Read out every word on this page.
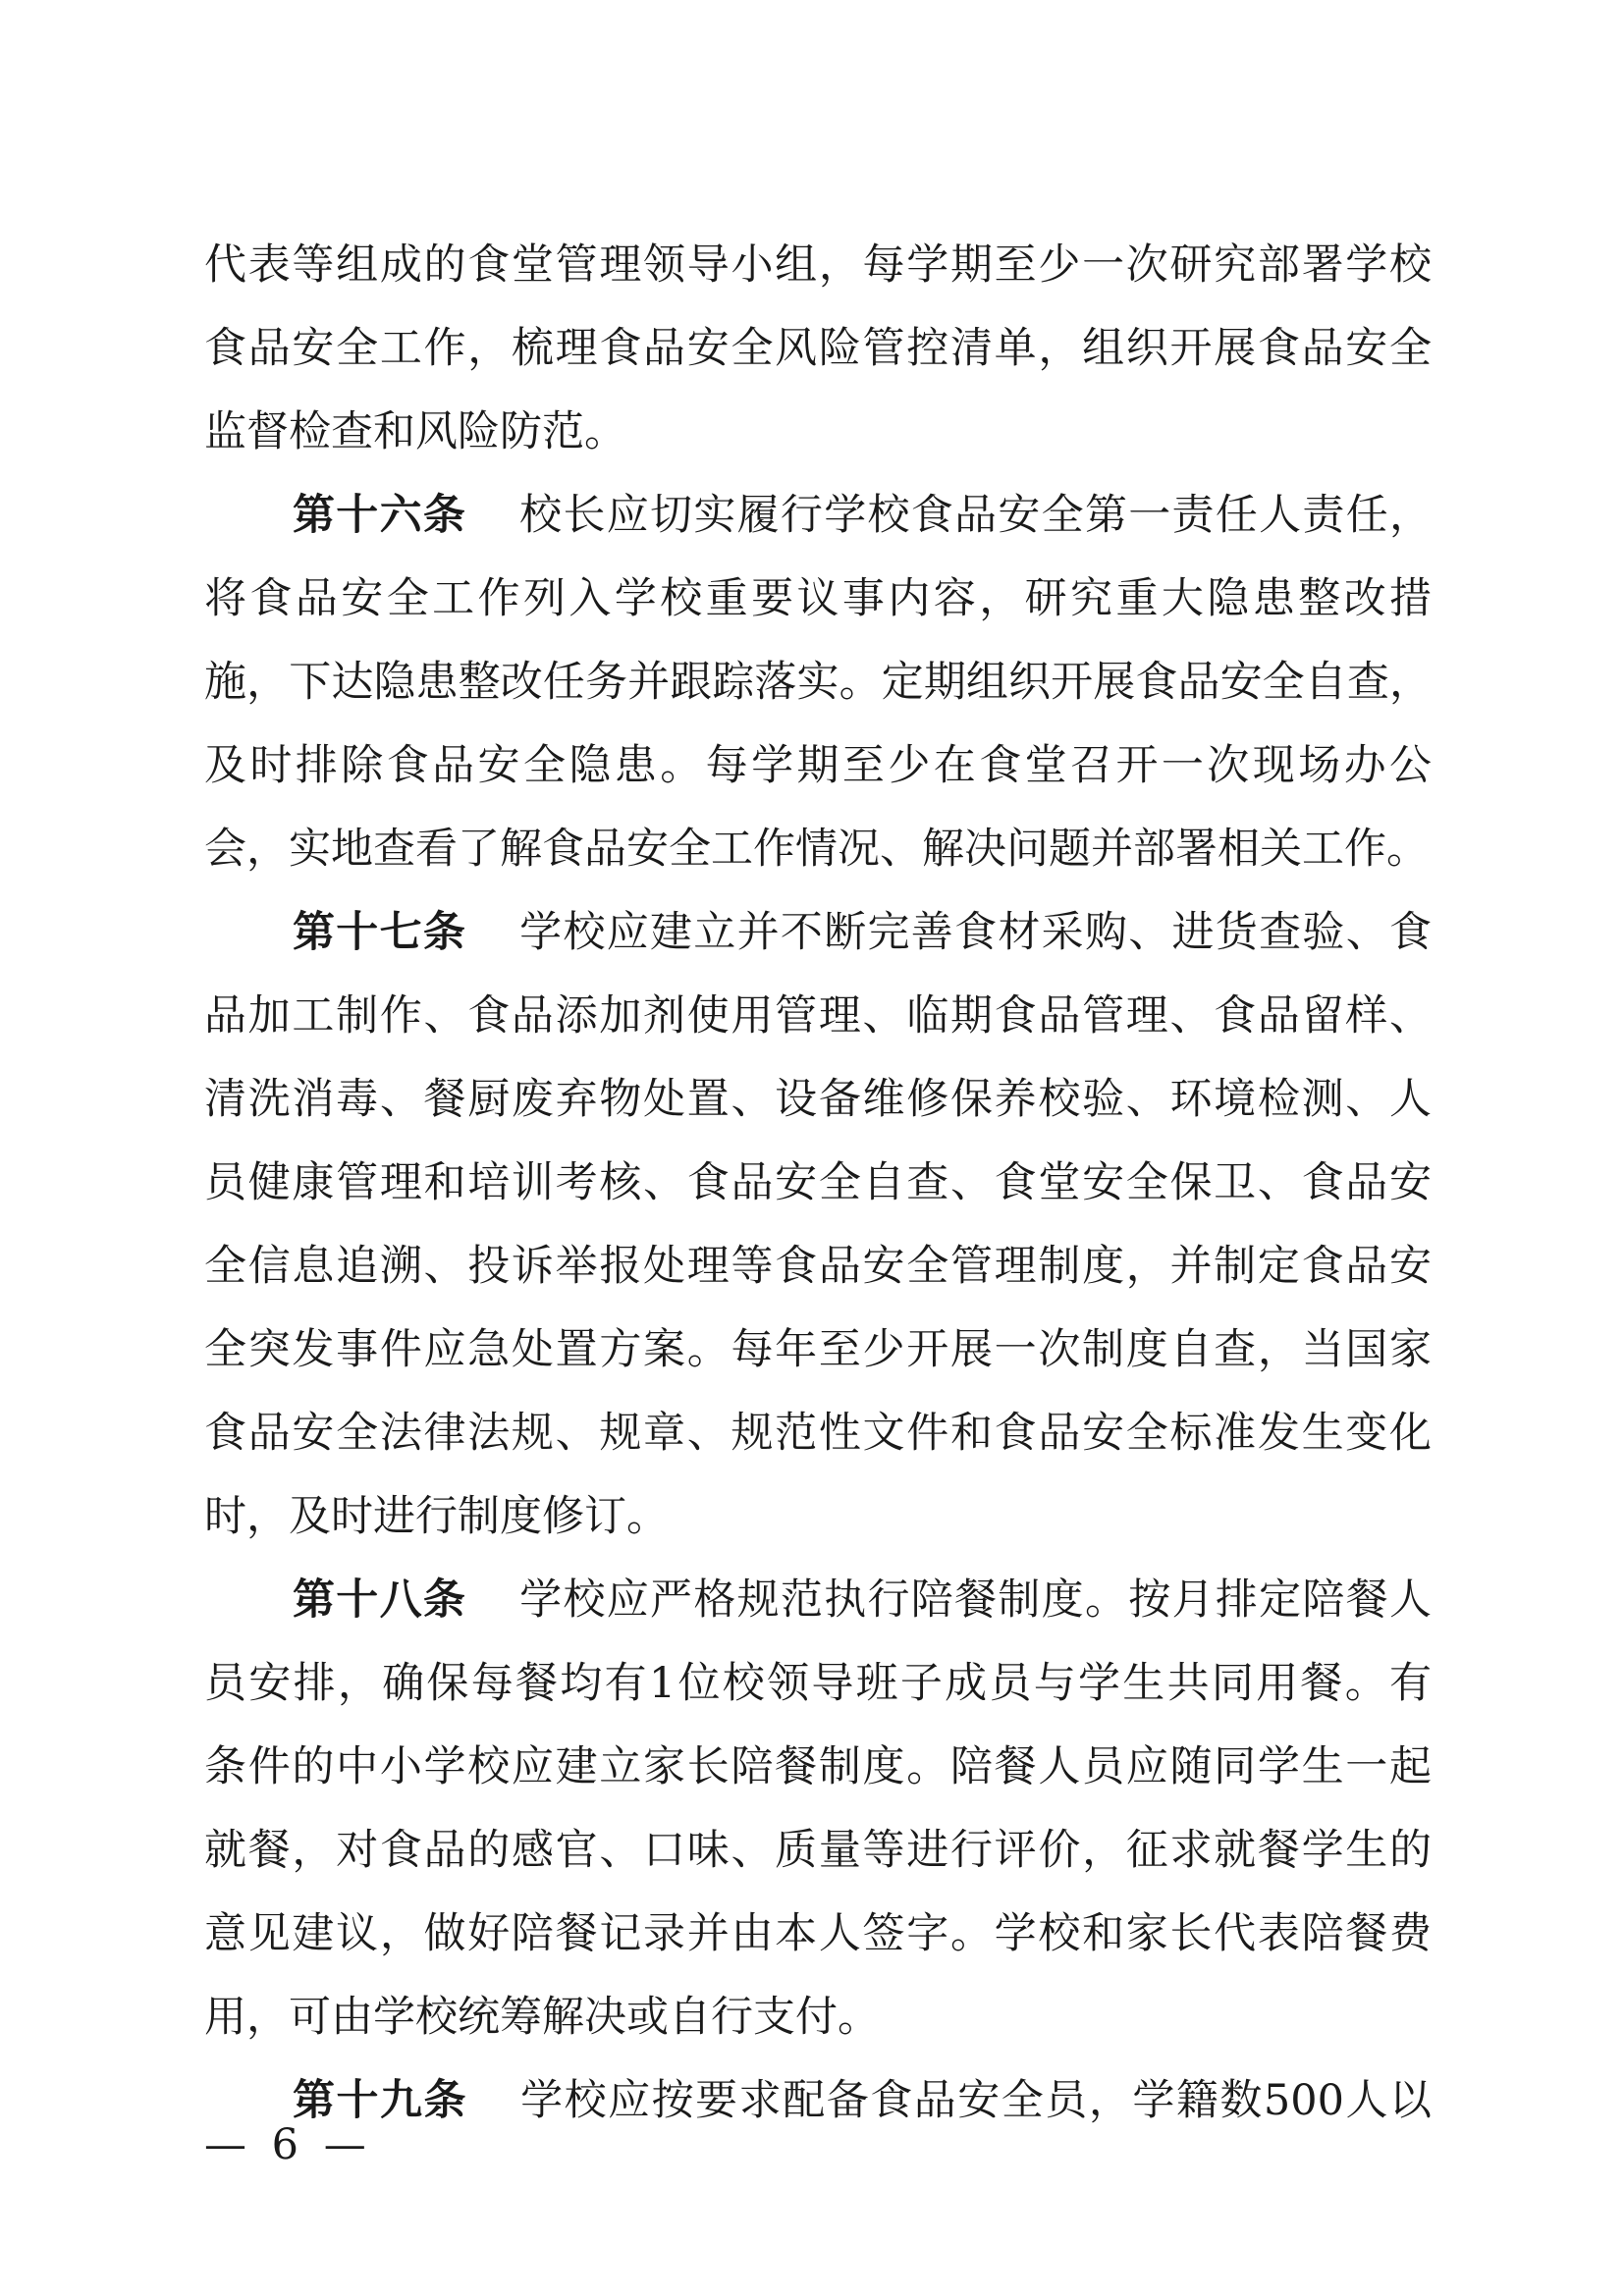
代表等组成的食堂管理领导小组，每学期至少一次研究部署学校
食品安全工作，梳理食品安全风险管控清单，组织开展食品安全
监督检查和风险防范。
第十六条 校长应切实履行学校食品安全第一责任人责任，
将食品安全工作列入学校重要议事内容，研究重大隐患整改措
施，下达隐患整改任务并跟踪落实。定期组织开展食品安全自查，
及时排除食品安全隐患。每学期至少在食堂召开一次现场办公
会，实地查看了解食品安全工作情况、解决问题并部署相关工作。
第十七条 学校应建立并不断完善食材采购、进货查验、食
品加工制作、食品添加剂使用管理、临期食品管理、食品留样、
清洗消毒、餐厨废弃物处置、设备维修保养校验、环境检测、人
员健康管理和培训考核、食品安全自查、食堂安全保卫、食品安
全信息追溯、投诉举报处理等食品安全管理制度，并制定食品安
全突发事件应急处置方案。每年至少开展一次制度自查，当国家
食品安全法律法规、规章、规范性文件和食品安全标准发生变化
时，及时进行制度修订。
第十八条 学校应严格规范执行陪餐制度。按月排定陪餐人
员安排，确保每餐均有1位校领导班子成员与学生共同用餐。有
条件的中小学校应建立家长陪餐制度。陪餐人员应随同学生一起
就餐，对食品的感官、口味、质量等进行评价，征求就餐学生的
意见建议，做好陪餐记录并由本人签字。学校和家长代表陪餐费
用，可由学校统筹解决或自行支付。
第十九条 学校应按要求配备食品安全员，学籍数500人以
— 6 —
